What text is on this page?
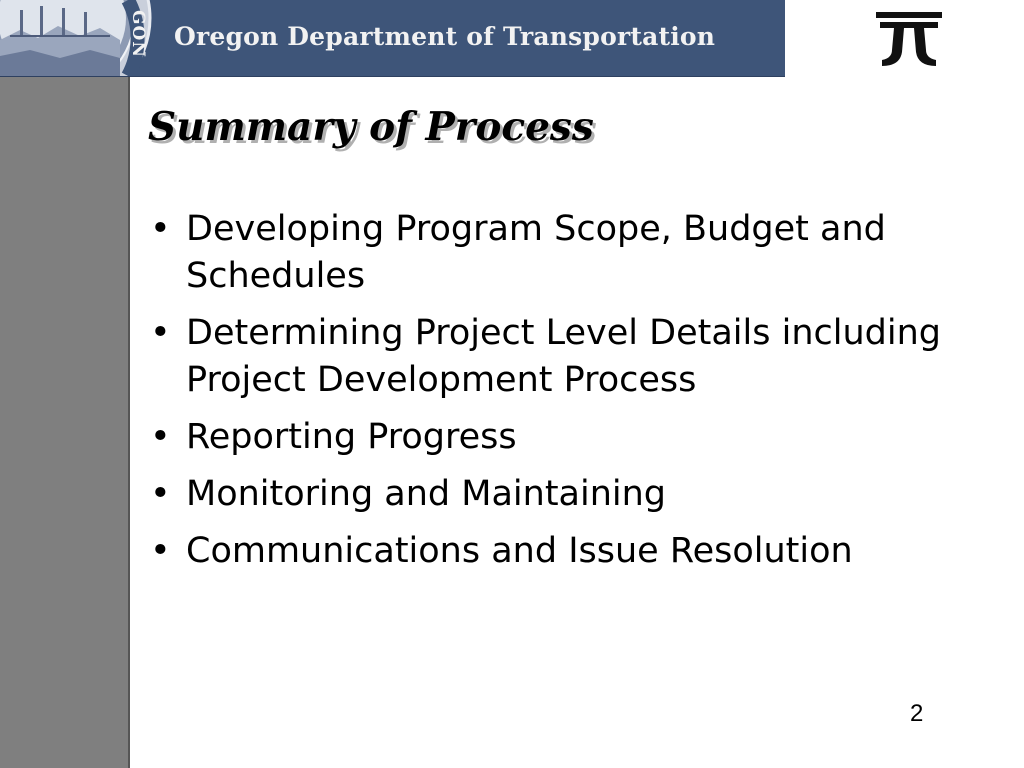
GON Oregon Department of Transportation
Summary of Process
• Developing Program Scope, Budget and Schedules
• Determining Project Level Details including Project Development Process
• Reporting Progress
• Monitoring and Maintaining
• Communications and Issue Resolution
2
